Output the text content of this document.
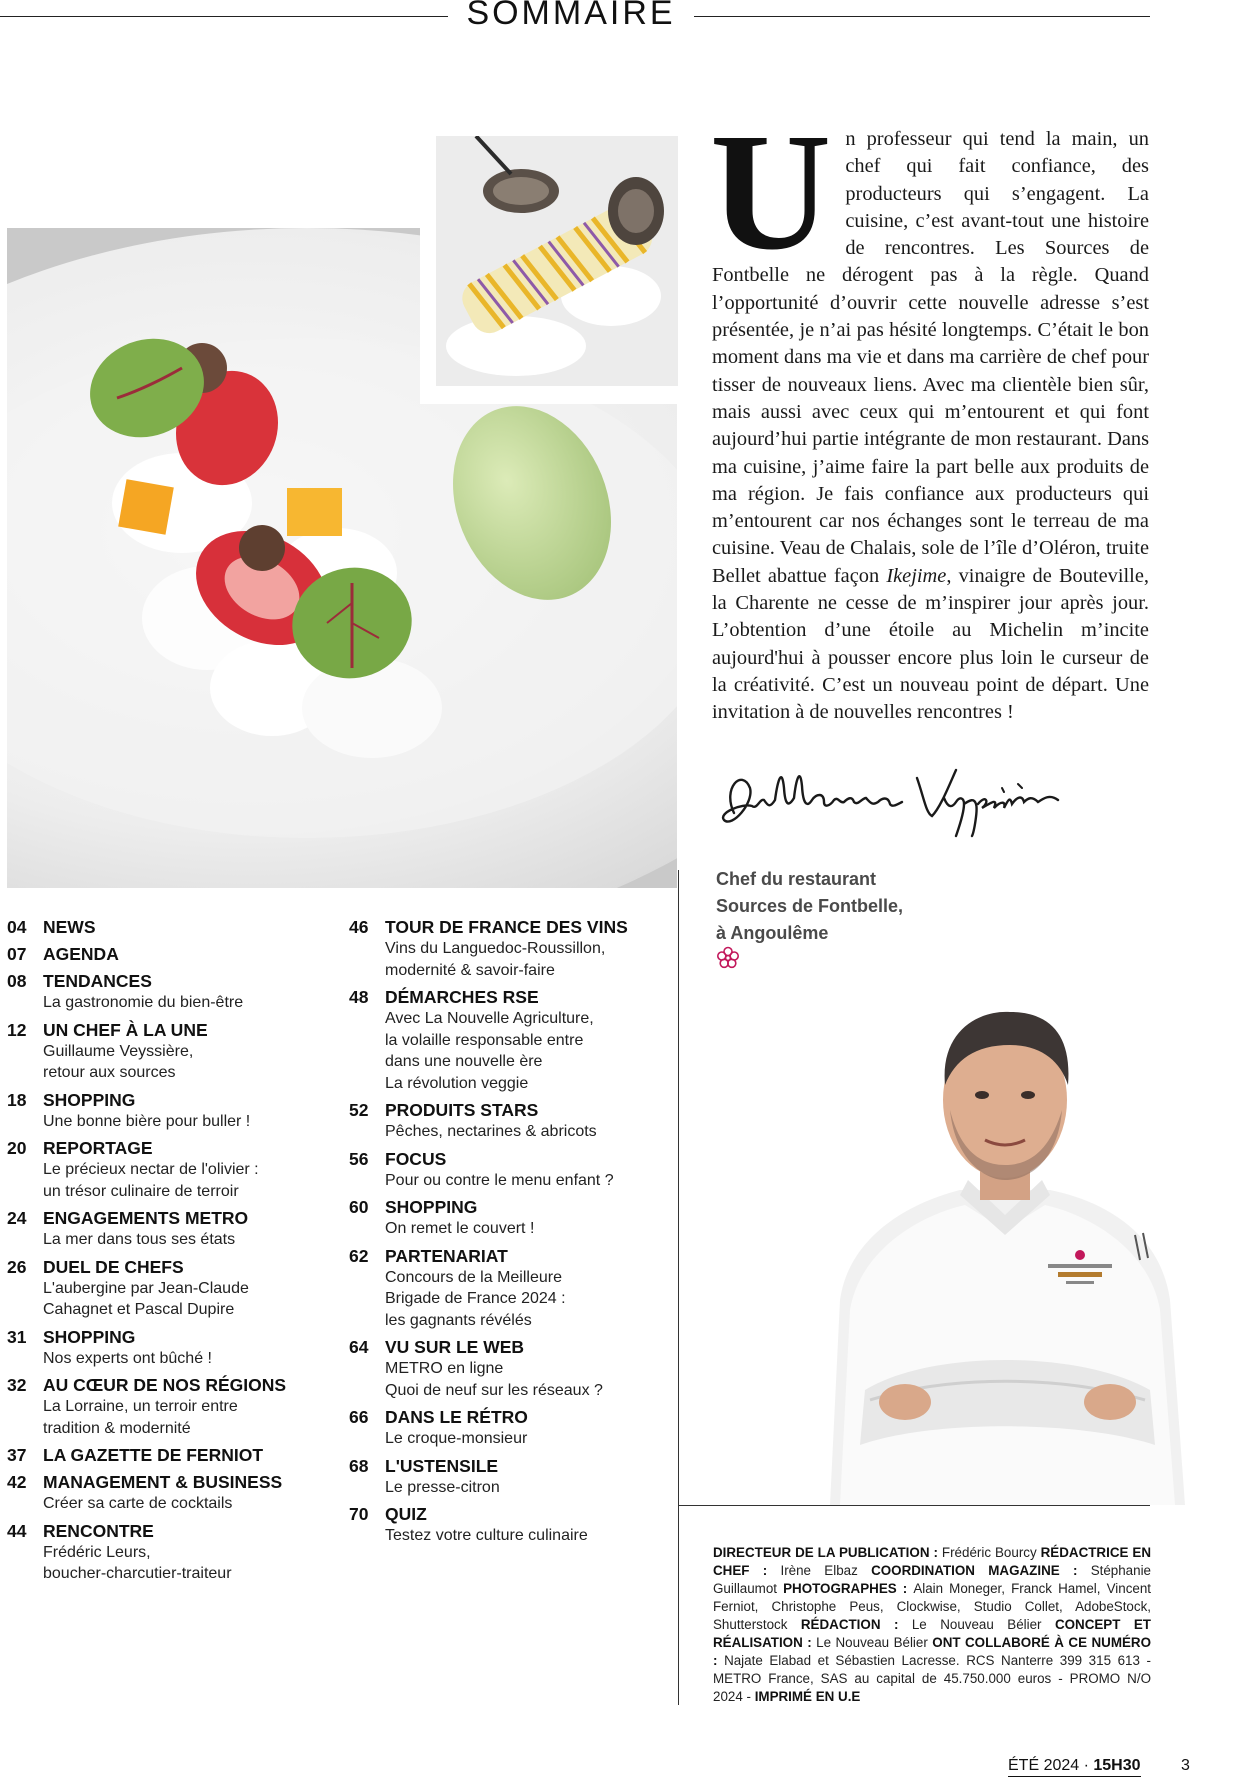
SOMMAIRE
U n professeur qui tend la main, un chef qui fait confiance, des producteurs qui s’engagent. La cuisine, c’est avant-tout une histoire de rencontres. Les Sources de Fontbelle ne dérogent pas à la règle. Quand l’opportunité d’ouvrir cette nouvelle adresse s’est présentée, je n’ai pas hésité longtemps. C’était le bon moment dans ma vie et dans ma carrière de chef pour tisser de nouveaux liens. Avec ma clientèle bien sûr, mais aussi avec ceux qui m’entourent et qui font aujourd’hui partie intégrante de mon restaurant. Dans ma cuisine, j’aime faire la part belle aux produits de ma région. Je fais confiance aux producteurs qui m’entourent car nos échanges sont le terreau de ma cuisine. Veau de Chalais, sole de l’île d’Oléron, truite Bellet abattue façon Ikejime, vinaigre de Bouteville, la Charente ne cesse de m’inspirer jour après jour. L’obtention d’une étoile au Michelin m’incite aujourd'hui à pousser encore plus loin le curseur de la créativité. C’est un nouveau point de départ. Une invitation à de nouvelles rencontres !

Chef du restaurant
Sources de Fontbelle,
à Angoulême
04 NEWS
07 AGENDA
08 TENDANCES
La gastronomie du bien-être
12 UN CHEF À LA UNE
Guillaume Veyssière,
retour aux sources
18 SHOPPING
Une bonne bière pour buller !
20 REPORTAGE
Le précieux nectar de l'olivier :
un trésor culinaire de terroir
24 ENGAGEMENTS METRO
La mer dans tous ses états
26 DUEL DE CHEFS
L'aubergine par Jean-Claude
Cahagnet et Pascal Dupire
31 SHOPPING
Nos experts ont bûché !
32 AU CŒUR DE NOS RÉGIONS
La Lorraine, un terroir entre
tradition & modernité
37 LA GAZETTE DE FERNIOT
42 MANAGEMENT & BUSINESS
Créer sa carte de cocktails
44 RENCONTRE
Frédéric Leurs,
boucher-charcutier-traiteur
46 TOUR DE FRANCE DES VINS
Vins du Languedoc-Roussillon,
modernité & savoir-faire
48 DÉMARCHES RSE
Avec La Nouvelle Agriculture,
la volaille responsable entre
dans une nouvelle ère
La révolution veggie
52 PRODUITS STARS
Pêches, nectarines & abricots
56 FOCUS
Pour ou contre le menu enfant ?
60 SHOPPING
On remet le couvert !
62 PARTENARIAT
Concours de la Meilleure
Brigade de France 2024 :
les gagnants révélés
64 VU SUR LE WEB
METRO en ligne
Quoi de neuf sur les réseaux ?
66 DANS LE RÉTRO
Le croque-monsieur
68 L'USTENSILE
Le presse-citron
70 QUIZ
Testez votre culture culinaire
DIRECTEUR DE LA PUBLICATION : Frédéric Bourcy RÉDACTRICE EN CHEF : Irène Elbaz COORDINATION MAGAZINE : Stéphanie Guillaumot PHOTOGRAPHES : Alain Moneger, Franck Hamel, Vincent Ferniot, Christophe Peus, Clockwise, Studio Collet, AdobeStock, Shutterstock RÉDACTION : Le Nouveau Bélier CONCEPT ET RÉALISATION : Le Nouveau Bélier ONT COLLABORÉ À CE NUMÉRO : Najate Elabad et Sébastien Lacresse. RCS Nanterre 399 315 613 - METRO France, SAS au capital de 45.750.000 euros - PROMO N/O 2024 - IMPRIMÉ EN U.E
ÉTÉ 2024 · 15H30	3
